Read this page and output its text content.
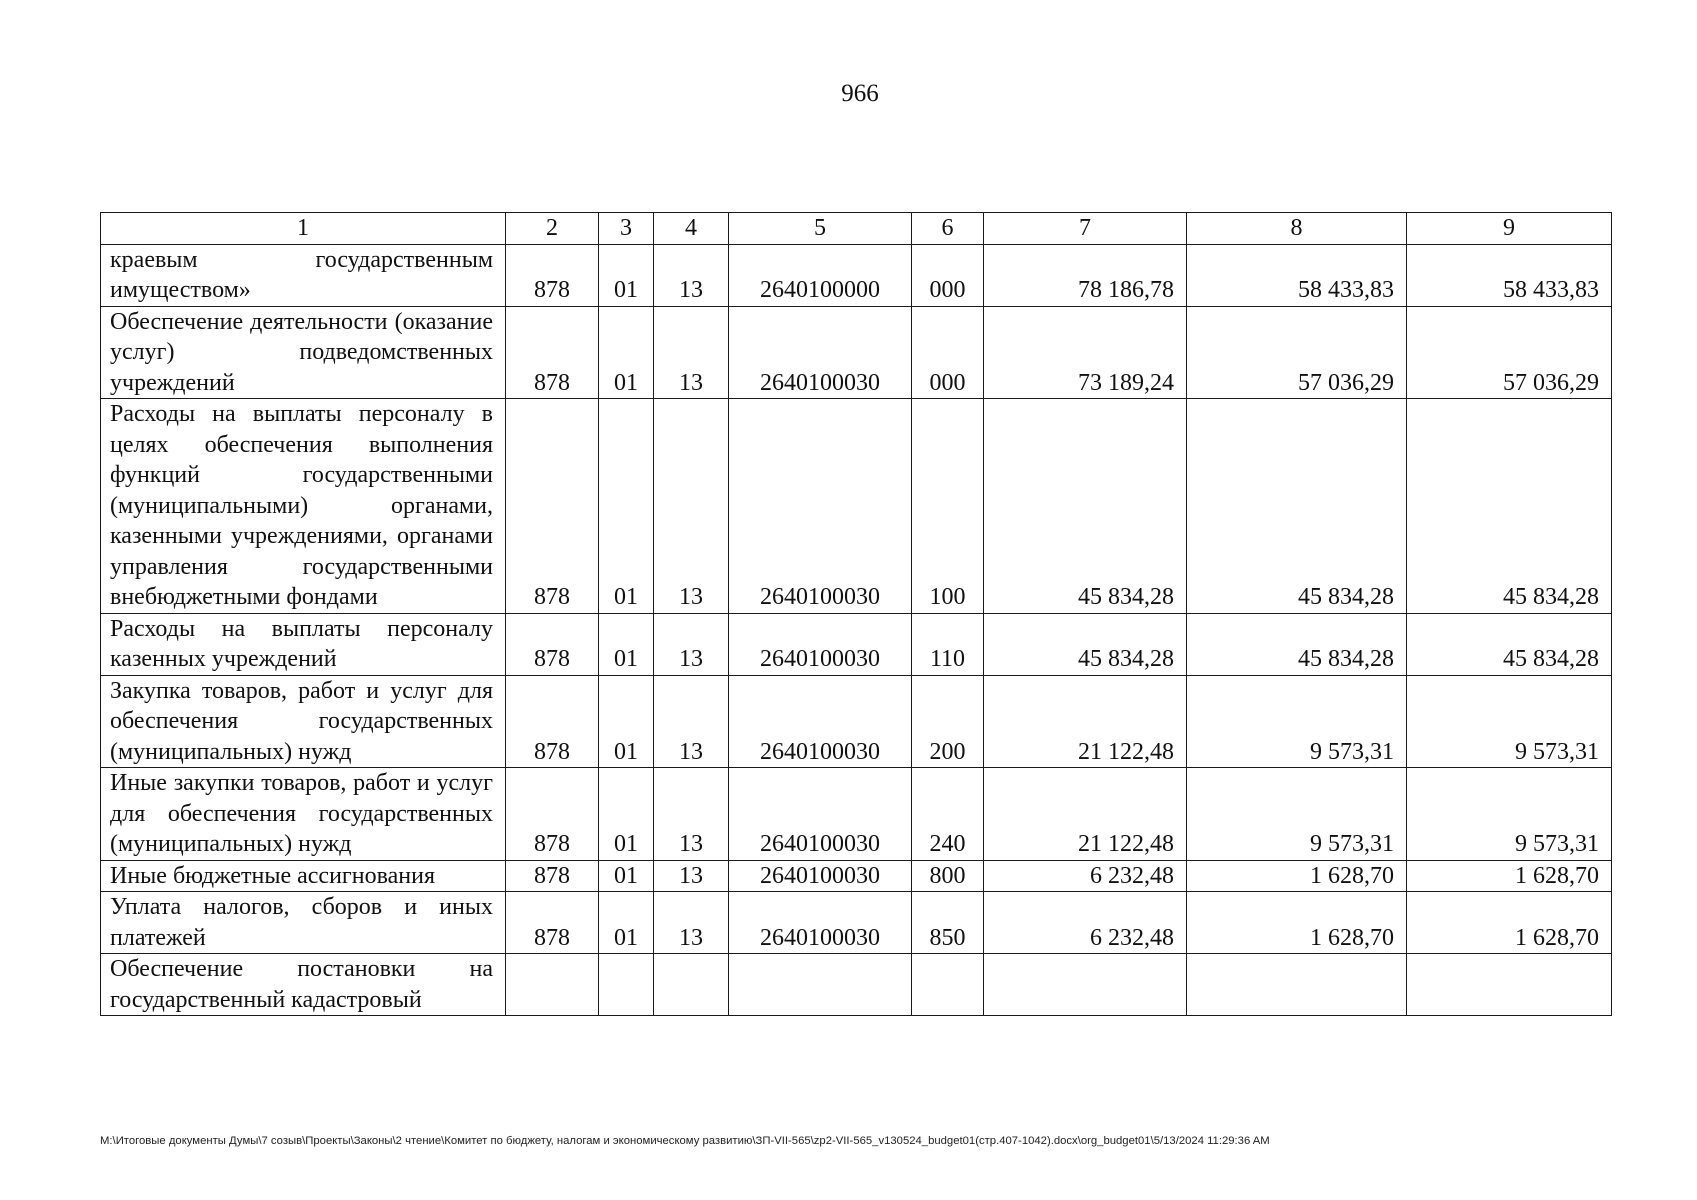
966
1	2	3	4	5	6	7	8	9
краевым государственным имуществом»	878	01	13	2640100000	000	78 186,78	58 433,83	58 433,83
Обеспечение деятельности (оказание услуг) подведомственных учреждений	878	01	13	2640100030	000	73 189,24	57 036,29	57 036,29
Расходы на выплаты персоналу в целях обеспечения выполнения функций государственными (муниципальными) органами, казенными учреждениями, органами управления государственными внебюджетными фондами	878	01	13	2640100030	100	45 834,28	45 834,28	45 834,28
Расходы на выплаты персоналу казенных учреждений	878	01	13	2640100030	110	45 834,28	45 834,28	45 834,28
Закупка товаров, работ и услуг для обеспечения государственных (муниципальных) нужд	878	01	13	2640100030	200	21 122,48	9 573,31	9 573,31
Иные закупки товаров, работ и услуг для обеспечения государственных (муниципальных) нужд	878	01	13	2640100030	240	21 122,48	9 573,31	9 573,31
Иные бюджетные ассигнования	878	01	13	2640100030	800	6 232,48	1 628,70	1 628,70
Уплата налогов, сборов и иных платежей	878	01	13	2640100030	850	6 232,48	1 628,70	1 628,70
Обеспечение постановки на государственный кадастровый								
M:\Итоговые документы Думы\7 созыв\Проекты\Законы\2 чтение\Комитет по бюджету, налогам и экономическому развитию\ЗП-VII-565\zp2-VII-565_v130524_budget01(стр.407-1042).docx\org_budget01\5/13/2024 11:29:36 AM
